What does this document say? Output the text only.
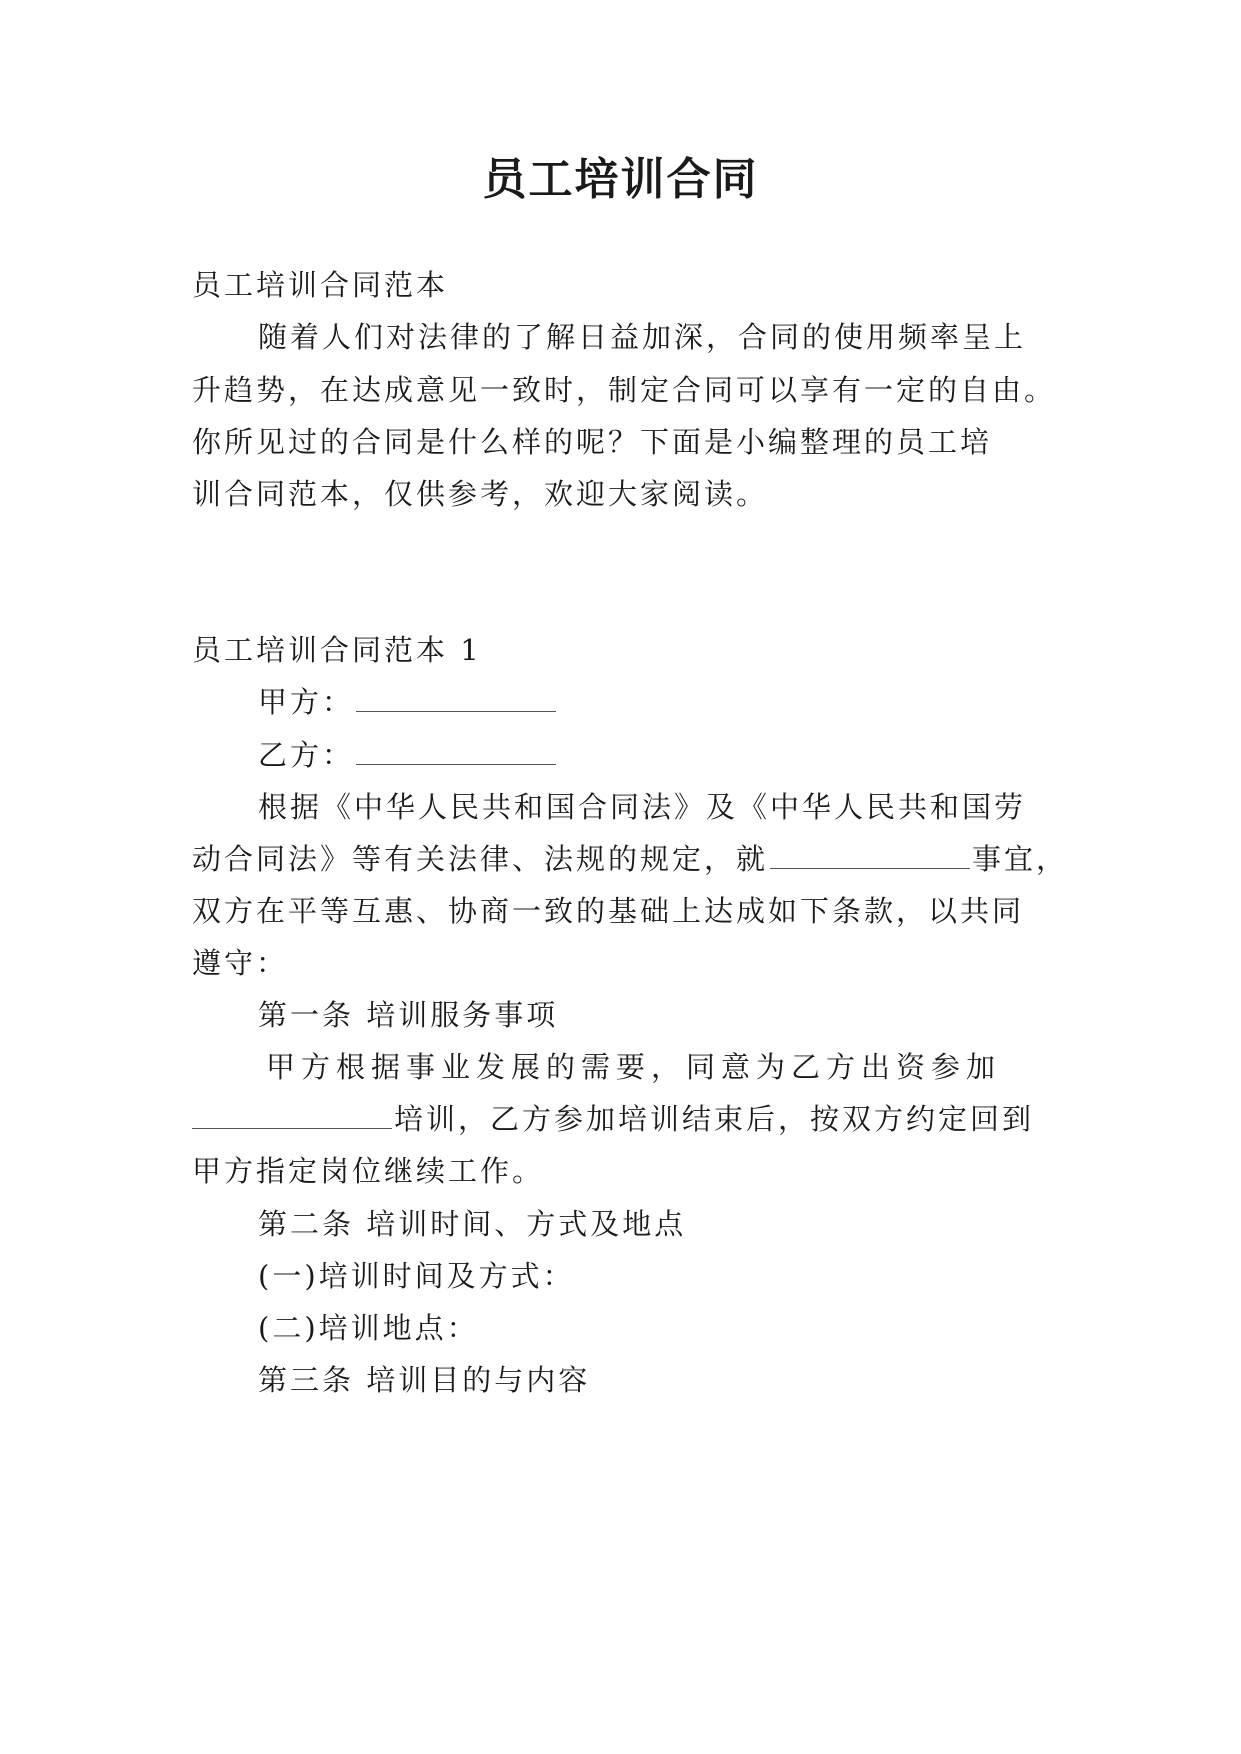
员工培训合同
员工培训合同范本
随着人们对法律的了解日益加深，合同的使用频率呈上
升趋势，在达成意见一致时，制定合同可以享有一定的自由。
你所见过的合同是什么样的呢？下面是小编整理的员工培
训合同范本，仅供参考，欢迎大家阅读。
员工培训合同范本 1
甲方：
乙方：
根据《中华人民共和国合同法》及《中华人民共和国劳
动合同法》等有关法律、法规的规定，就	事宜，
双方在平等互惠、协商一致的基础上达成如下条款，以共同
遵守：
第一条 培训服务事项
甲方根据事业发展的需要，同意为乙方出资参加
培训，乙方参加培训结束后，按双方约定回到
甲方指定岗位继续工作。
第二条 培训时间、方式及地点
(一)培训时间及方式：
(二)培训地点：
第三条 培训目的与内容
